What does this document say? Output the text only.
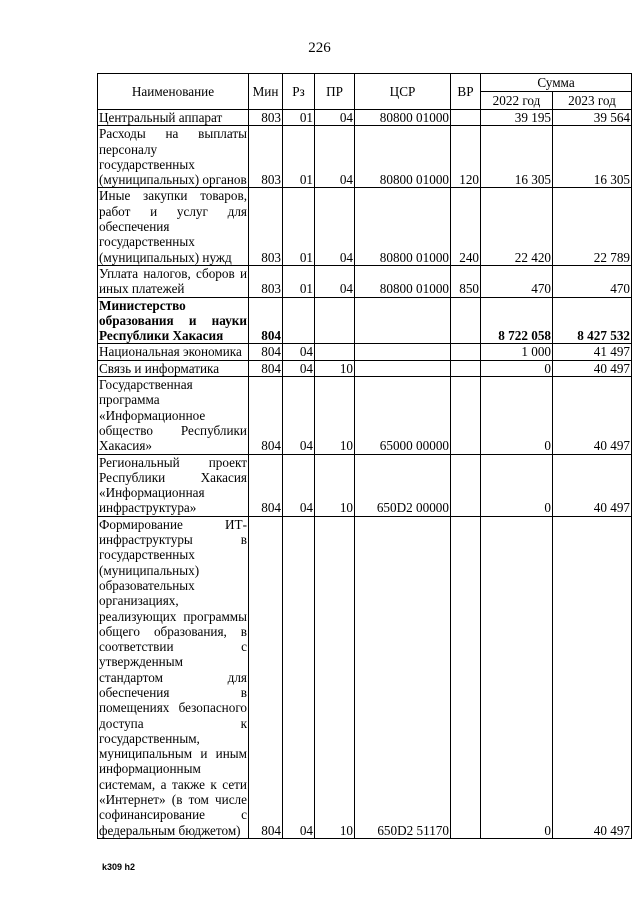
226
Наименование	Мин	Рз	ПР	ЦСР	ВР	Сумма	
						2022 год	2023 год
Центральный аппарат	803	01	04	80800 01000		39 195	39 564
Расходы на выплаты персоналу государственных (муниципальных) органов	803	01	04	80800 01000	120	16 305	16 305
Иные закупки товаров, работ и услуг для обеспечения государственных (муниципальных) нужд	803	01	04	80800 01000	240	22 420	22 789
Уплата налогов, сборов и иных платежей	803	01	04	80800 01000	850	470	470
Министерство образования и науки Республики Хакасия	804					8 722 058	8 427 532
Национальная экономика	804	04				1 000	41 497
Связь и информатика	804	04	10			0	40 497
Государственная программа «Информационное общество Республики Хакасия»	804	04	10	65000 00000		0	40 497
Региональный проект Республики Хакасия «Информационная инфраструктура»	804	04	10	650D2 00000		0	40 497
Формирование ИТ-инфраструктуры в государственных (муниципальных) образовательных организациях, реализующих программы общего образования, в соответствии с утвержденным стандартом для обеспечения в помещениях безопасного доступа к государственным, муниципальным и иным информационным системам, а также к сети «Интернет» (в том числе софинансирование с федеральным бюджетом)	804	04	10	650D2 51170		0	40 497
k309 h2
